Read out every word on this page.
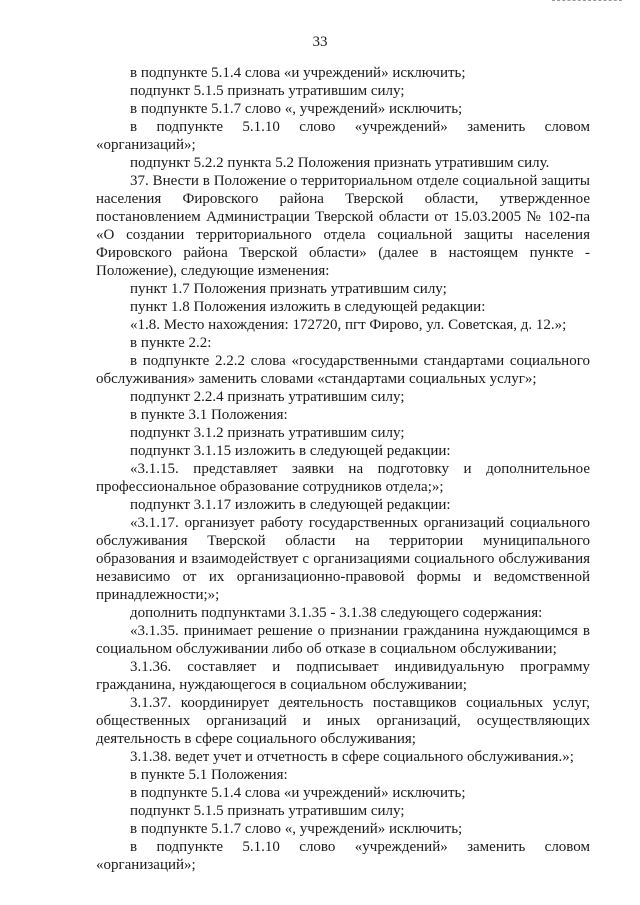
33

в подпункте 5.1.4 слова «и учреждений» исключить;

подпункт 5.1.5 признать утратившим силу;

в подпункте 5.1.7 слово «, учреждений» исключить;

в подпункте 5.1.10 слово «учреждений» заменить словом «организаций»;

подпункт 5.2.2 пункта 5.2 Положения признать утратившим силу.

37. Внести в Положение о территориальном отделе социальной защиты населения Фировского района Тверской области, утвержденное постановлением Администрации Тверской области от 15.03.2005 № 102-па «О создании территориального отдела социальной защиты населения Фировского района Тверской области» (далее в настоящем пункте - Положение), следующие изменения:

пункт 1.7 Положения признать утратившим силу;

пункт 1.8 Положения изложить в следующей редакции:

«1.8. Место нахождения: 172720, пгт Фирово, ул. Советская, д. 12.»;

в пункте 2.2:

в подпункте 2.2.2 слова «государственными стандартами социального обслуживания» заменить словами «стандартами социальных услуг»;

подпункт 2.2.4 признать утратившим силу;

в пункте 3.1 Положения:

подпункт 3.1.2 признать утратившим силу;

подпункт 3.1.15 изложить в следующей редакции:

«3.1.15. представляет заявки на подготовку и дополнительное профессиональное образование сотрудников отдела;»;

подпункт 3.1.17 изложить в следующей редакции:

«3.1.17. организует работу государственных организаций социального обслуживания Тверской области на территории муниципального образования и взаимодействует с организациями социального обслуживания независимо от их организационно-правовой формы и ведомственной принадлежности;»;

дополнить подпунктами 3.1.35 - 3.1.38 следующего содержания:

«3.1.35. принимает решение о признании гражданина нуждающимся в социальном обслуживании либо об отказе в социальном обслуживании;

3.1.36. составляет и подписывает индивидуальную программу гражданина, нуждающегося в социальном обслуживании;

3.1.37. координирует деятельность поставщиков социальных услуг, общественных организаций и иных организаций, осуществляющих деятельность в сфере социального обслуживания;

3.1.38. ведет учет и отчетность в сфере социального обслуживания.»;

в пункте 5.1 Положения:

в подпункте 5.1.4 слова «и учреждений» исключить;

подпункт 5.1.5 признать утратившим силу;

в подпункте 5.1.7 слово «, учреждений» исключить;

в подпункте 5.1.10 слово «учреждений» заменить словом «организаций»;
